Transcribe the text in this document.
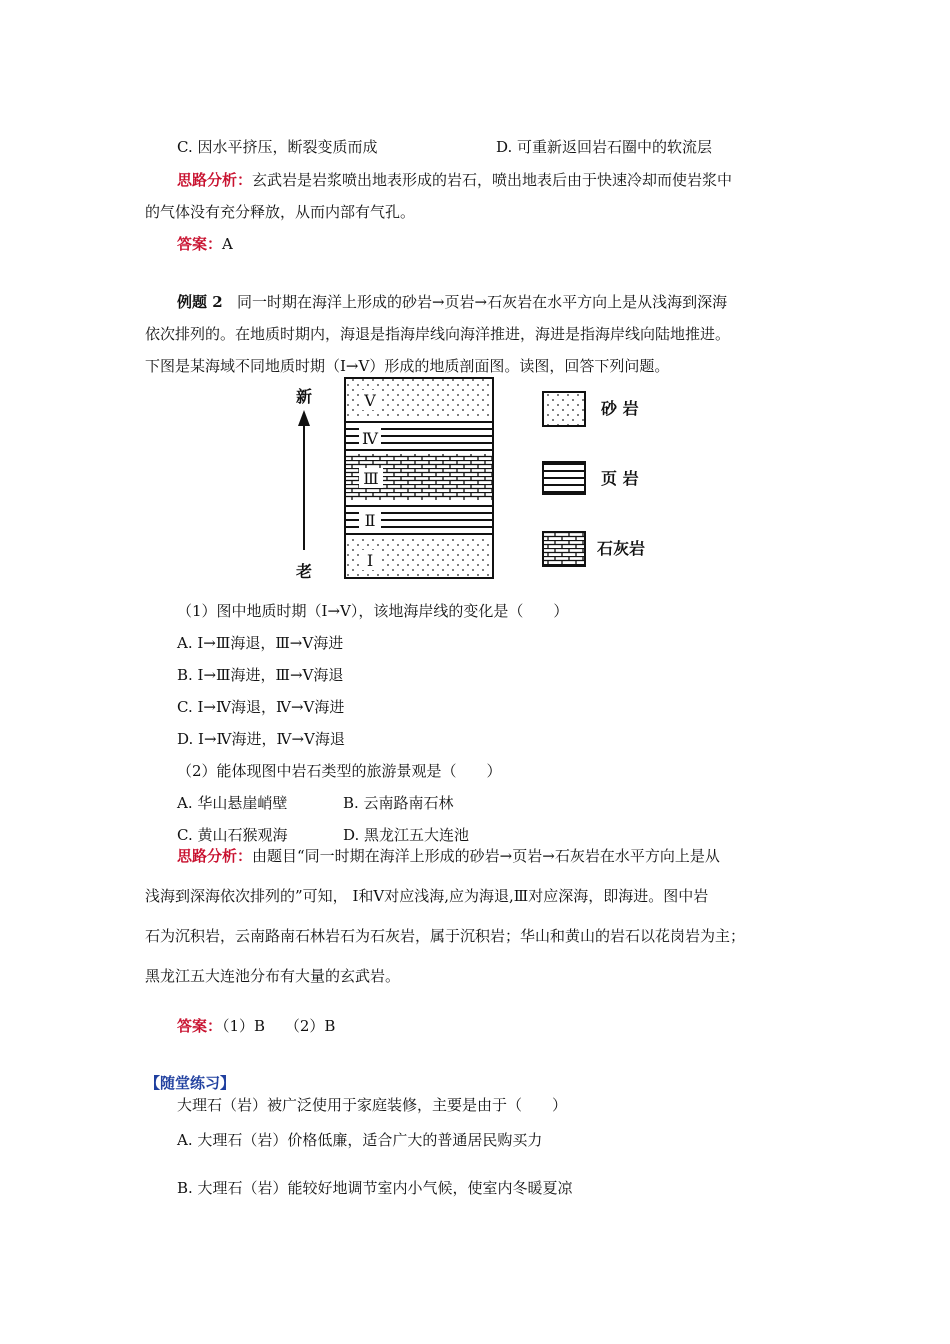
C. 因水平挤压，断裂变质而成	D. 可重新返回岩石圈中的软流层
思路分析：玄武岩是岩浆喷出地表形成的岩石，喷出地表后由于快速冷却而使岩浆中
的气体没有充分释放，从而内部有气孔。
答案：A
例题 2 同一时期在海洋上形成的砂岩→页岩→石灰岩在水平方向上是从浅海到深海
依次排列的。在地质时期内，海退是指海岸线向海洋推进，海进是指海岸线向陆地推进。
下图是某海域不同地质时期（Ⅰ→Ⅴ）形成的地质剖面图。读图，回答下列问题。
新
老
Ⅴ
Ⅳ
Ⅲ
Ⅱ
Ⅰ
砂 岩
页 岩
石灰岩
（1）图中地质时期（Ⅰ→Ⅴ），该地海岸线的变化是（　　）
A. Ⅰ→Ⅲ海退，Ⅲ→Ⅴ海进
B. Ⅰ→Ⅲ海进，Ⅲ→Ⅴ海退
C. Ⅰ→Ⅳ海退，Ⅳ→Ⅴ海进
D. Ⅰ→Ⅳ海进，Ⅳ→Ⅴ海退
（2）能体现图中岩石类型的旅游景观是（　　）
A. 华山悬崖峭壁	B. 云南路南石林
C. 黄山石猴观海	D. 黑龙江五大连池
思路分析：由题目“同一时期在海洋上形成的砂岩→页岩→石灰岩在水平方向上是从
浅海到深海依次排列的”可知， Ⅰ和Ⅴ对应浅海,应为海退,Ⅲ对应深海，即海进。图中岩
石为沉积岩，云南路南石林岩石为石灰岩，属于沉积岩；华山和黄山的岩石以花岗岩为主；
黑龙江五大连池分布有大量的玄武岩。
答案：（1）B　 （2）B
【随堂练习】
大理石（岩）被广泛使用于家庭装修，主要是由于（　　）
A. 大理石（岩）价格低廉，适合广大的普通居民购买力
B. 大理石（岩）能较好地调节室内小气候，使室内冬暖夏凉
